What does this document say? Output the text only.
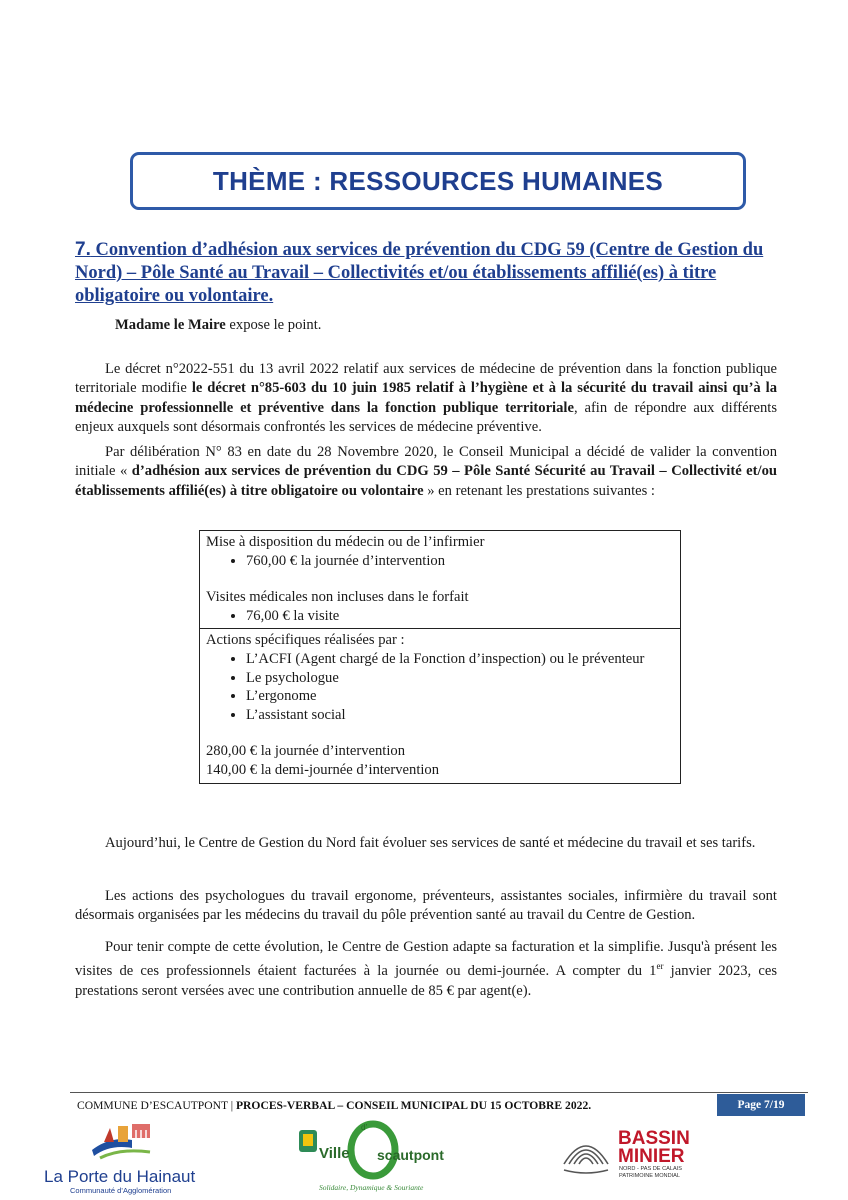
THÈME : RESSOURCES HUMAINES
7. Convention d’adhésion aux services de prévention du CDG 59 (Centre de Gestion du Nord) – Pôle Santé au Travail – Collectivités et/ou établissements affilié(es) à titre obligatoire ou volontaire.

Madame le Maire expose le point.

Le décret n°2022-551 du 13 avril 2022 relatif aux services de médecine de prévention dans la fonction publique territoriale modifie le décret n°85-603 du 10 juin 1985 relatif à l’hygiène et à la sécurité du travail ainsi qu’à la médecine professionnelle et préventive dans la fonction publique territoriale, afin de répondre aux différents enjeux auxquels sont désormais confrontés les services de médecine préventive.

Par délibération N° 83 en date du 28 Novembre 2020, le Conseil Municipal a décidé de valider la convention initiale « d’adhésion aux services de prévention du CDG 59 – Pôle Santé Sécurité au Travail – Collectivité et/ou établissements affilié(es) à titre obligatoire ou volontaire » en retenant les prestations suivantes :

Mise à disposition du médecin ou de l’infirmier
• 760,00 € la journée d’intervention
Visites médicales non incluses dans le forfait
• 76,00 € la visite
Actions spécifiques réalisées par :
• L’ACFI (Agent chargé de la Fonction d’inspection) ou le préventeur
• Le psychologue
• L’ergonome
• L’assistant social
280,00 € la journée d’intervention
140,00 € la demi-journée d’intervention

Aujourd’hui, le Centre de Gestion du Nord fait évoluer ses services de santé et médecine du travail et ses tarifs.

Les actions des psychologues du travail ergonome, préventeurs, assistantes sociales, infirmière du travail sont désormais organisées par les médecins du travail du pôle prévention santé au travail du Centre de Gestion.

Pour tenir compte de cette évolution, le Centre de Gestion adapte sa facturation et la simplifie. Jusqu'à présent les visites de ces professionnels étaient facturées à la journée ou demi-journée. A compter du 1er janvier 2023, ces prestations seront versées avec une contribution annuelle de 85 € par agent(e).

COMMUNE D’ESCAUTPONT | PROCES-VERBAL – CONSEIL MUNICIPAL DU 15 OCTOBRE 2022.	Page 7/19
La Porte du Hainaut
Communauté d’Agglomération
Ville
d’
scautpont
Solidaire, Dynamique & Souriante
BASSIN
MINIER
NORD - PAS DE CALAIS
PATRIMOINE MONDIAL
